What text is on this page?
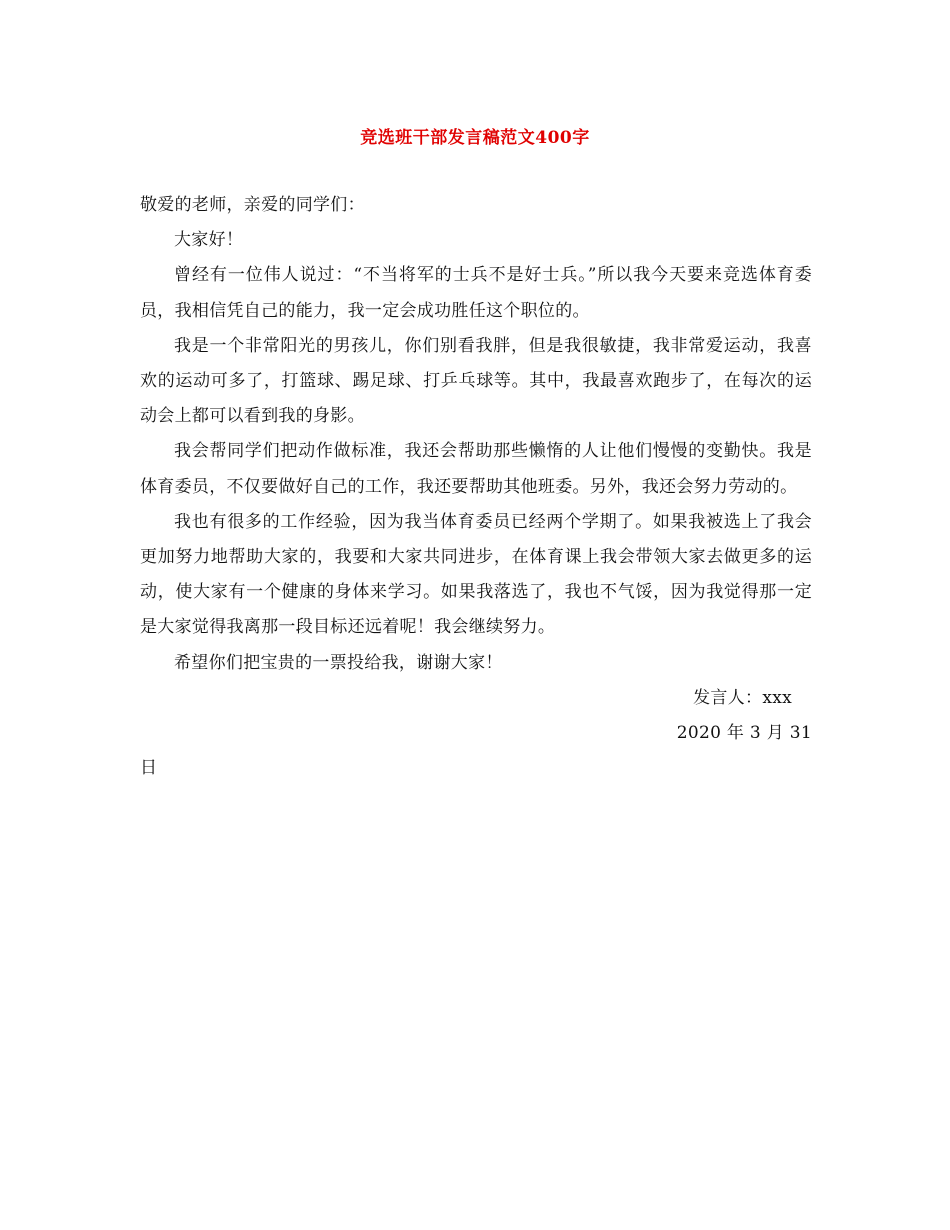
竞选班干部发言稿范文400字

敬爱的老师，亲爱的同学们：

大家好！

曾经有一位伟人说过：“不当将军的士兵不是好士兵。”所以我今天要来竞选体育委员，我相信凭自己的能力，我一定会成功胜任这个职位的。

我是一个非常阳光的男孩儿，你们别看我胖，但是我很敏捷，我非常爱运动，我喜欢的运动可多了，打篮球、踢足球、打乒乓球等。其中，我最喜欢跑步了，在每次的运动会上都可以看到我的身影。

我会帮同学们把动作做标准，我还会帮助那些懒惰的人让他们慢慢的变勤快。我是体育委员，不仅要做好自己的工作，我还要帮助其他班委。另外，我还会努力劳动的。

我也有很多的工作经验，因为我当体育委员已经两个学期了。如果我被选上了我会更加努力地帮助大家的，我要和大家共同进步，在体育课上我会带领大家去做更多的运动，使大家有一个健康的身体来学习。如果我落选了，我也不气馁，因为我觉得那一定是大家觉得我离那一段目标还远着呢！我会继续努力。

希望你们把宝贵的一票投给我，谢谢大家！

发言人：xxx

2020 年 3 月 31

日
